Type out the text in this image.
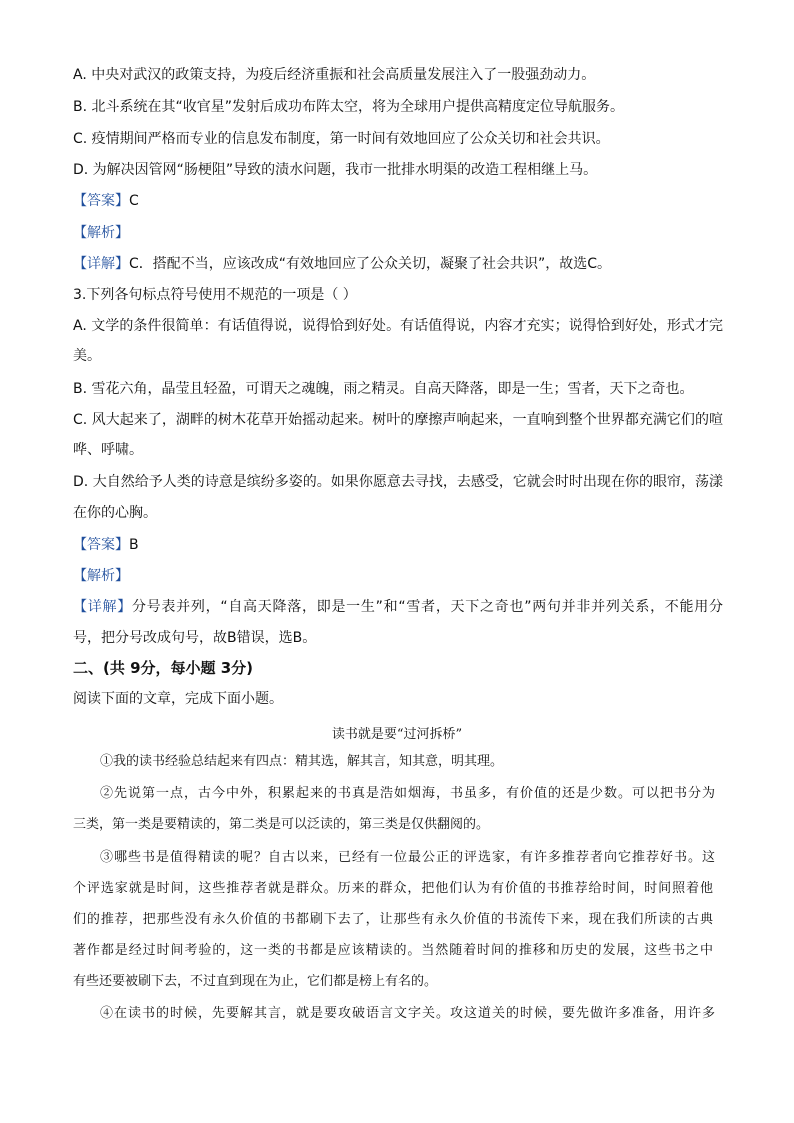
A. 中央对武汉的政策支持，为疫后经济重振和社会高质量发展注入了一股强劲动力。
B. 北斗系统在其“收官星”发射后成功布阵太空，将为全球用户提供高精度定位导航服务。
C. 疫情期间严格而专业的信息发布制度，第一时间有效地回应了公众关切和社会共识。
D. 为解决因管网“肠梗阻”导致的渍水问题，我市一批排水明渠的改造工程相继上马。
【答案】C
【解析】
【详解】C．搭配不当，应该改成“有效地回应了公众关切，凝聚了社会共识”，故选C。
3.下列各句标点符号使用不规范的一项是（ ）
A. 文学的条件很简单：有话值得说，说得恰到好处。有话值得说，内容才充实；说得恰到好处，形式才完
美。
B. 雪花六角，晶莹且轻盈，可谓天之魂魄，雨之精灵。自高天降落，即是一生；雪者，天下之奇也。
C. 风大起来了，湖畔的树木花草开始摇动起来。树叶的摩擦声响起来，一直响到整个世界都充满它们的喧
哗、呼啸。
D. 大自然给予人类的诗意是缤纷多姿的。如果你愿意去寻找，去感受，它就会时时出现在你的眼帘，荡漾
在你的心胸。
【答案】B
【解析】
【详解】分号表并列，“自高天降落，即是一生”和“雪者，天下之奇也”两句并非并列关系，不能用分
号，把分号改成句号，故B错误，选B。
二、(共 9分，每小题 3分)
阅读下面的文章，完成下面小题。
读书就是要“过河拆桥”
①我的读书经验总结起来有四点：精其选，解其言，知其意，明其理。
②先说第一点，古今中外，积累起来的书真是浩如烟海，书虽多，有价值的还是少数。可以把书分为
三类，第一类是要精读的，第二类是可以泛读的，第三类是仅供翻阅的。
③哪些书是值得精读的呢？自古以来，已经有一位最公正的评选家，有许多推荐者向它推荐好书。这
个评选家就是时间，这些推荐者就是群众。历来的群众，把他们认为有价值的书推荐给时间，时间照着他
们的推荐，把那些没有永久价值的书都刷下去了，让那些有永久价值的书流传下来，现在我们所读的古典
著作都是经过时间考验的，这一类的书都是应该精读的。当然随着时间的推移和历史的发展，这些书之中
有些还要被刷下去，不过直到现在为止，它们都是榜上有名的。
④在读书的时候，先要解其言，就是要攻破语言文字关。攻这道关的时候，要先做许多准备，用许多
